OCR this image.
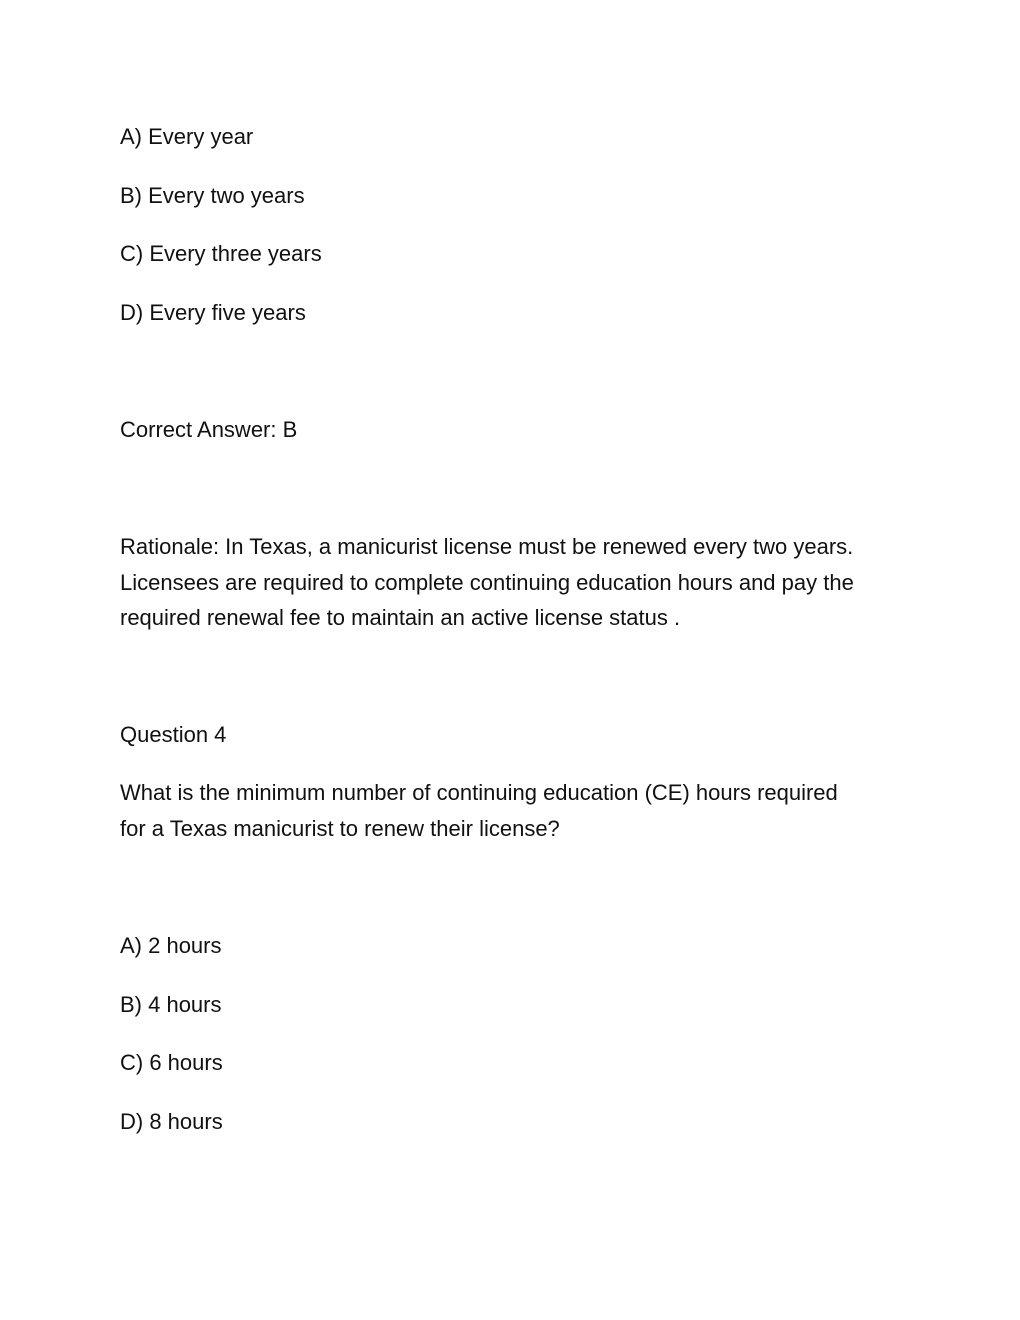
A) Every year

B) Every two years

C) Every three years

D) Every five years

Correct Answer: B

Rationale: In Texas, a manicurist license must be renewed every two years. Licensees are required to complete continuing education hours and pay the required renewal fee to maintain an active license status .

Question 4

What is the minimum number of continuing education (CE) hours required for a Texas manicurist to renew their license?

A) 2 hours

B) 4 hours

C) 6 hours

D) 8 hours
